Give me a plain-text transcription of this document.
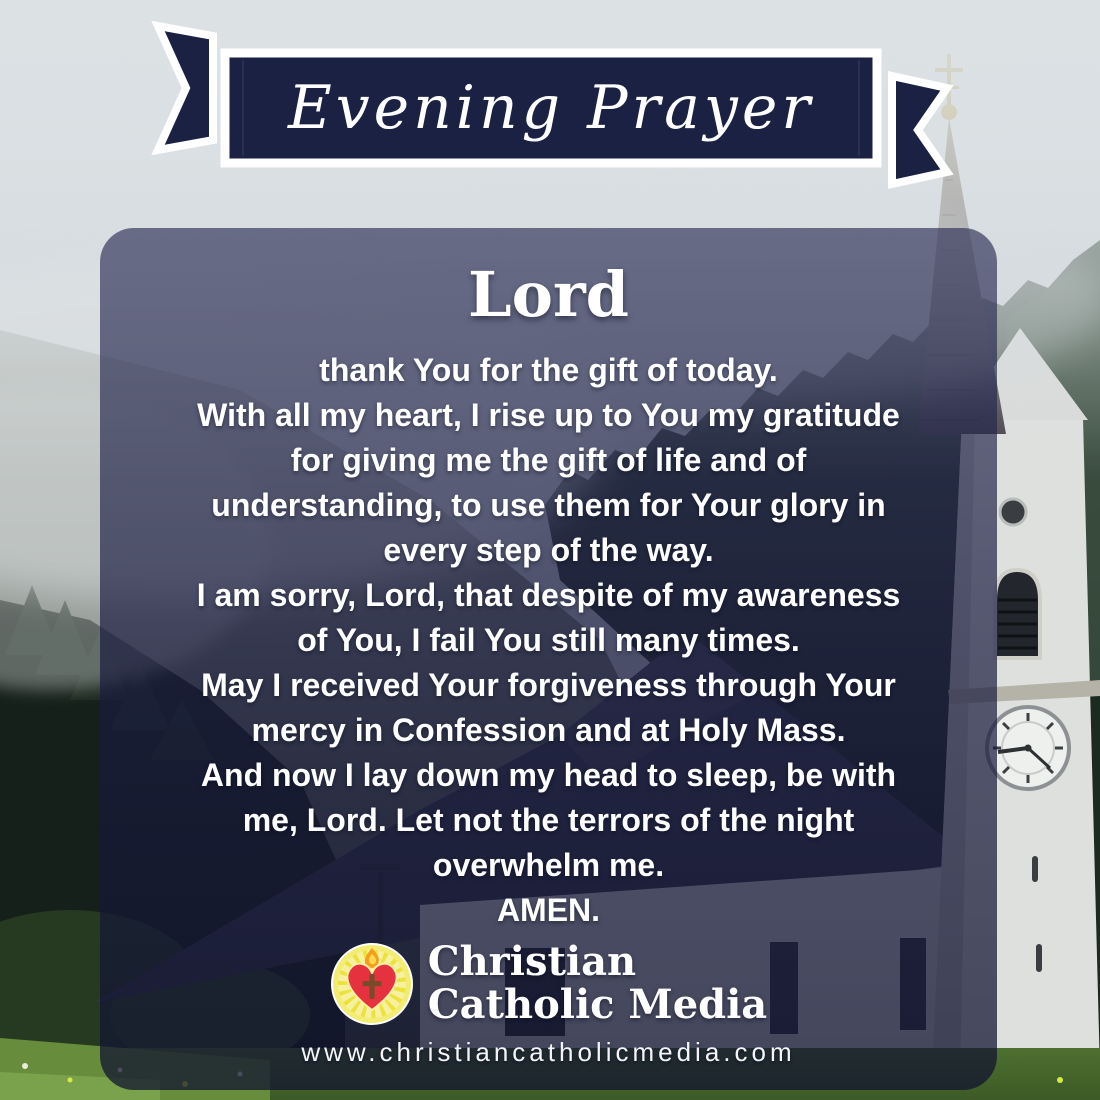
Lord
thank You for the gift of today.
With all my heart, I rise up to You my gratitude
for giving me the gift of life and of
understanding, to use them for Your glory in
every step of the way.
I am sorry, Lord, that despite of my awareness
of You, I fail You still many times.
May I received Your forgiveness through Your
mercy in Confession and at Holy Mass.
And now I lay down my head to sleep, be with
me, Lord. Let not the terrors of the night
overwhelm me.
AMEN.
Christian
Catholic Media
www.christiancatholicmedia.com
Evening Prayer
